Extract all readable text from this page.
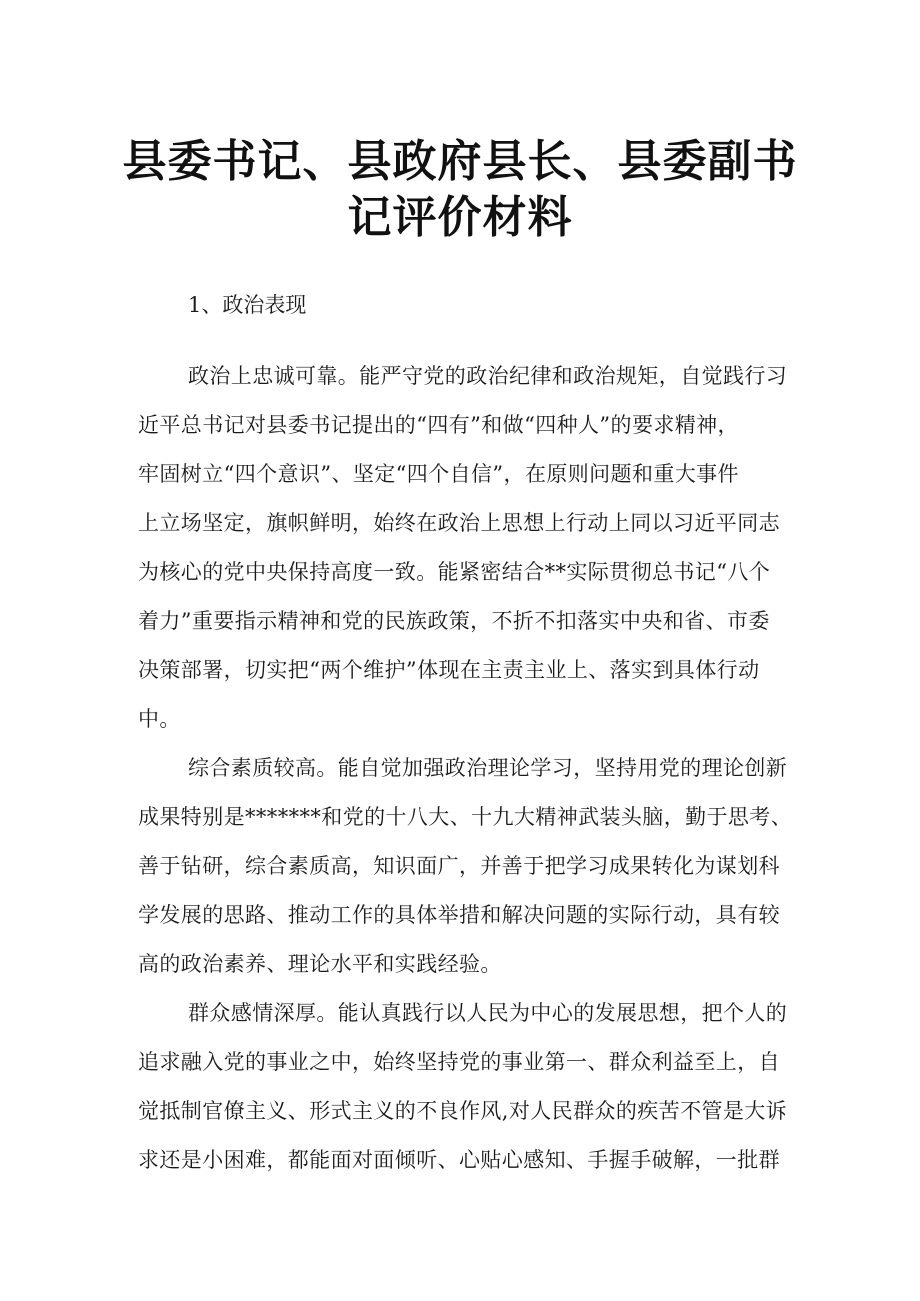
县委书记、县政府县长、县委副书
记评价材料
1、政治表现
政治上忠诚可靠。能严守党的政治纪律和政治规矩，自觉践行习
近平总书记对县委书记提出的“四有”和做“四种人”的要求精神，
牢固树立“四个意识”、坚定“四个自信”，在原则问题和重大事件
上立场坚定，旗帜鲜明，始终在政治上思想上行动上同以习近平同志
为核心的党中央保持高度一致。能紧密结合**实际贯彻总书记“八个
着力”重要指示精神和党的民族政策，不折不扣落实中央和省、市委
决策部署，切实把“两个维护”体现在主责主业上、落实到具体行动
中。
综合素质较高。能自觉加强政治理论学习，坚持用党的理论创新
成果特别是*******和党的十八大、十九大精神武装头脑，勤于思考、
善于钻研，综合素质高，知识面广，并善于把学习成果转化为谋划科
学发展的思路、推动工作的具体举措和解决问题的实际行动，具有较
高的政治素养、理论水平和实践经验。
群众感情深厚。能认真践行以人民为中心的发展思想，把个人的
追求融入党的事业之中，始终坚持党的事业第一、群众利益至上，自
觉抵制官僚主义、形式主义的不良作风,对人民群众的疾苦不管是大诉
求还是小困难，都能面对面倾听、心贴心感知、手握手破解，一批群
